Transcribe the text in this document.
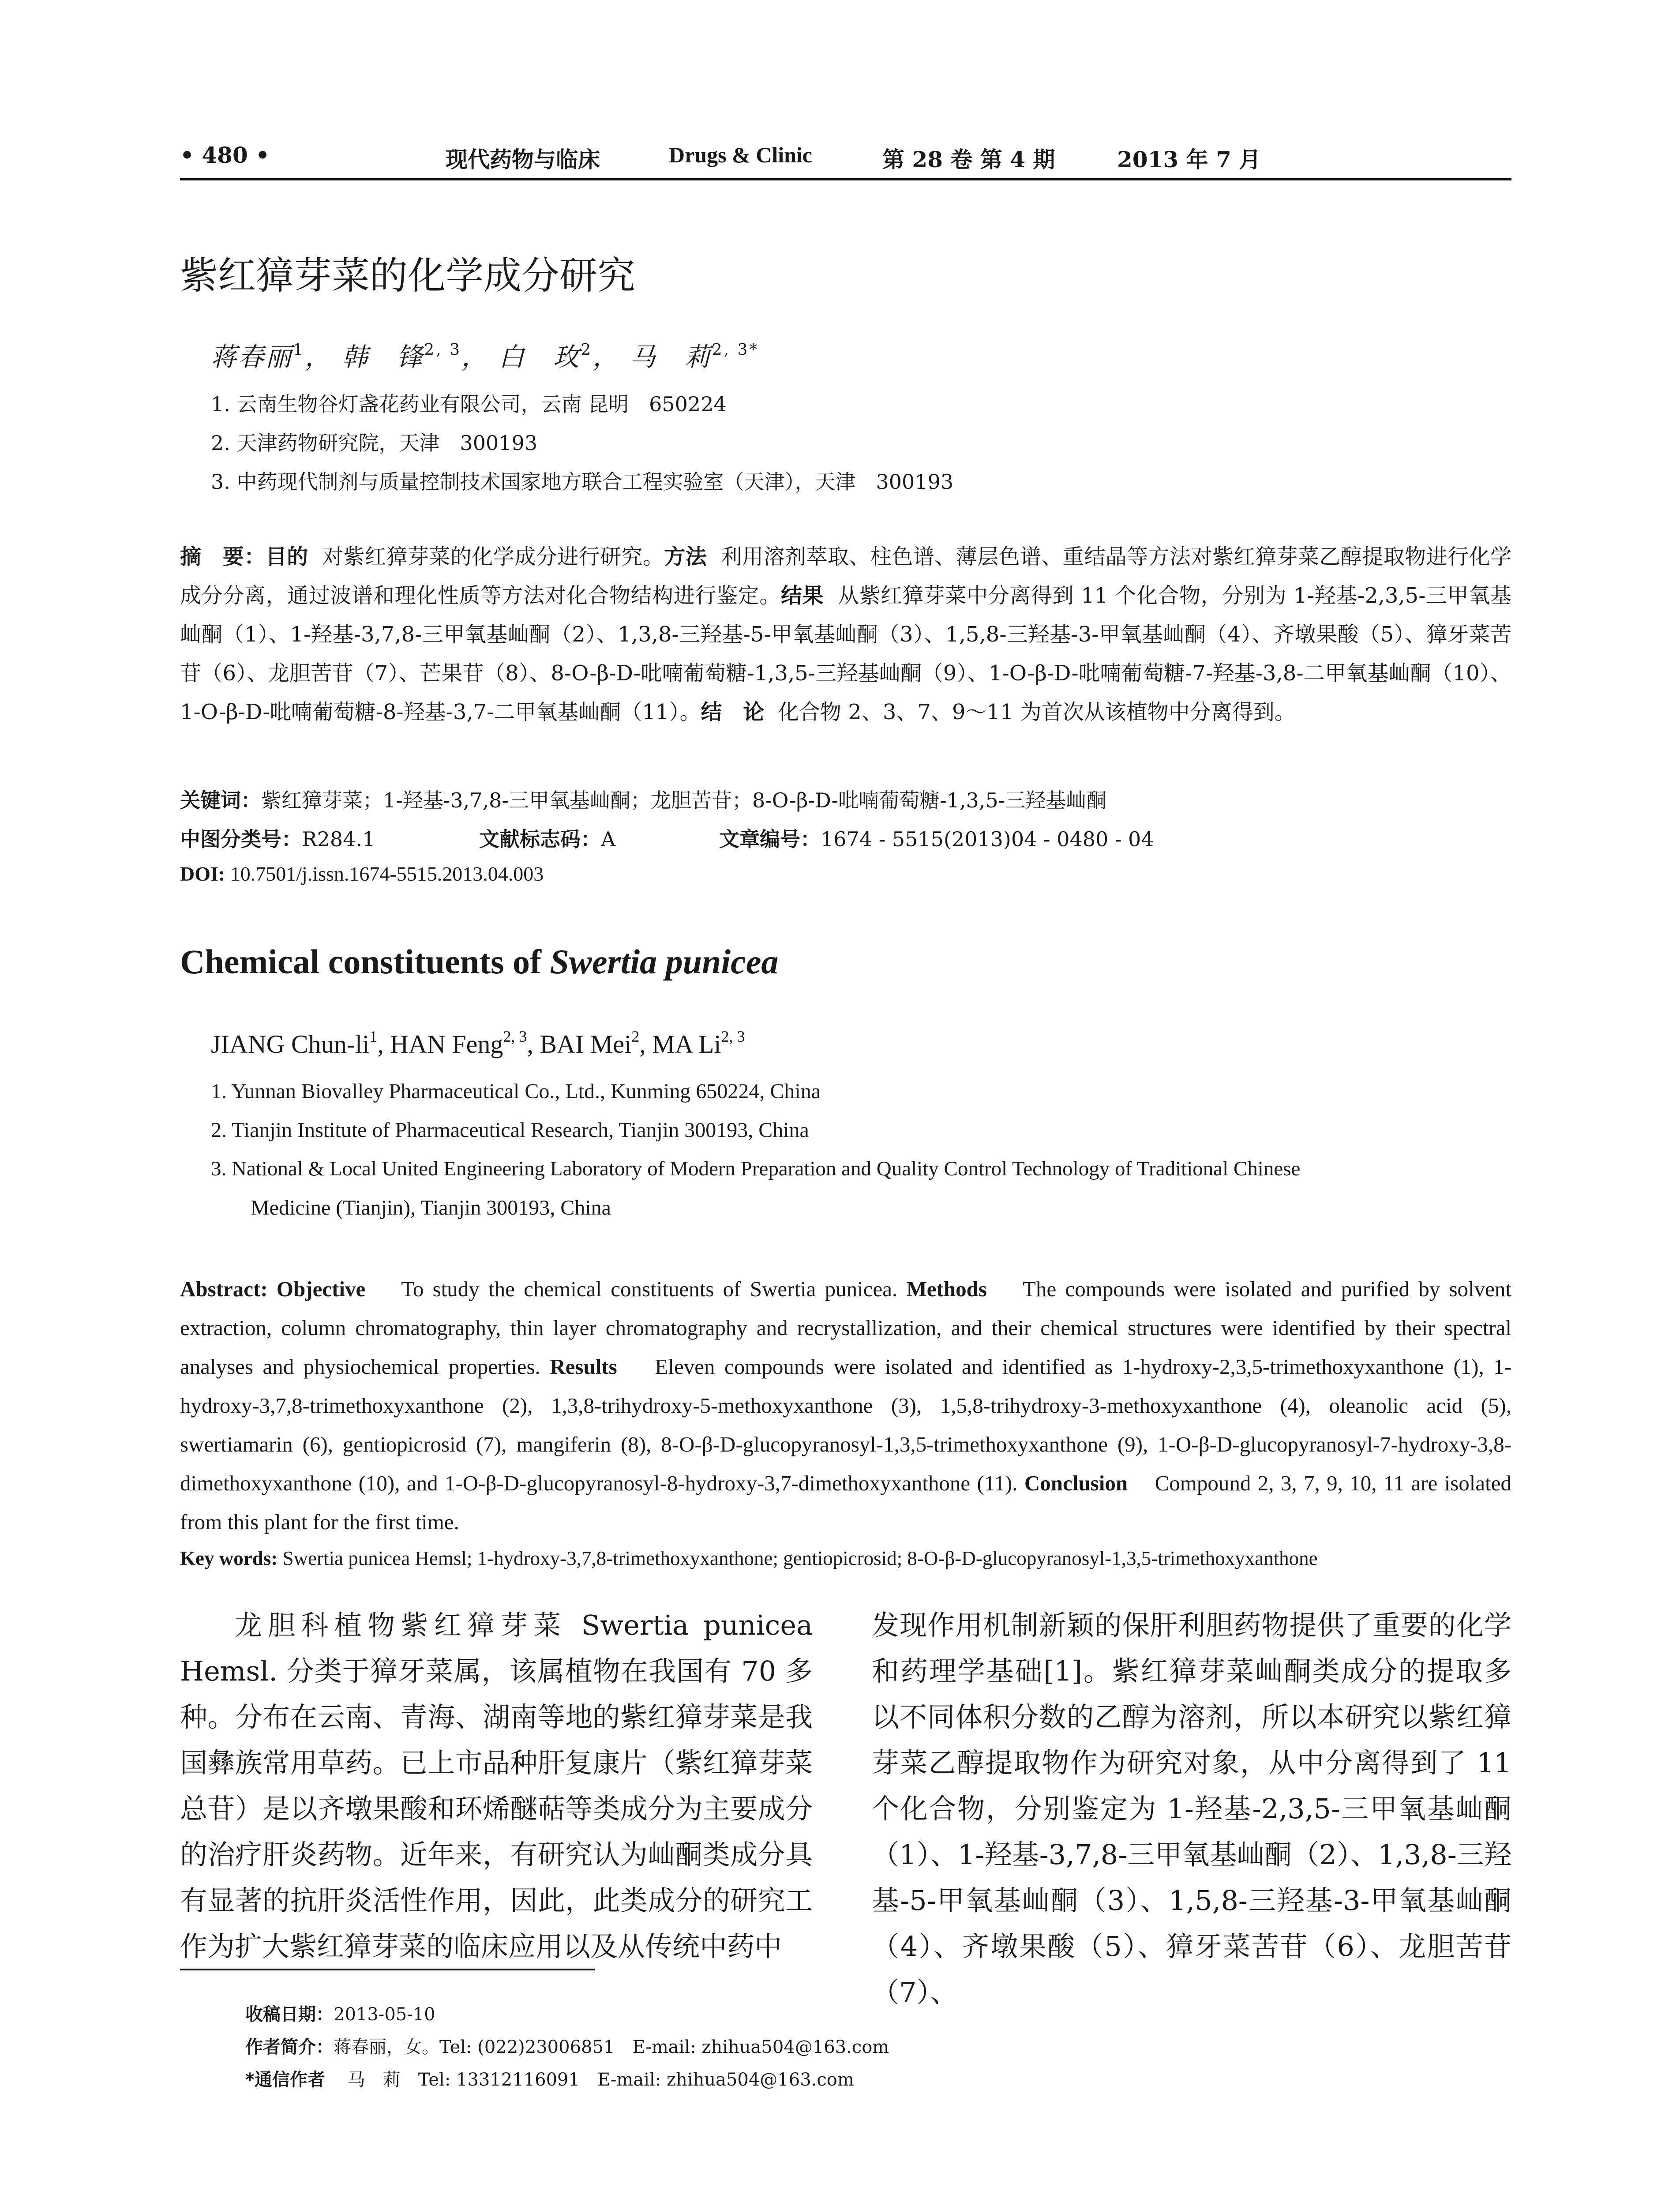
• 480 •	现代药物与临床	Drugs & Clinic	第 28 卷 第 4 期	2013 年 7 月
紫红獐芽菜的化学成分研究
蒋春丽$^1$， 韩　锋$^{2, 3}$， 白　玫$^2$， 马　莉$^{2, 3*}$
1. 云南生物谷灯盏花药业有限公司，云南 昆明　650224
2. 天津药物研究院，天津　300193
3. 中药现代制剂与质量控制技术国家地方联合工程实验室（天津），天津　300193
摘　要：目的 对紫红獐芽菜的化学成分进行研究。方法 利用溶剂萃取、柱色谱、薄层色谱、重结晶等方法对紫红獐芽菜乙醇提取物进行化学成分分离，通过波谱和理化性质等方法对化合物结构进行鉴定。结果 从紫红獐芽菜中分离得到 11 个化合物，分别为 1-羟基-2,3,5-三甲氧基屾酮（1）、1-羟基-3,7,8-三甲氧基屾酮（2）、1,3,8-三羟基-5-甲氧基屾酮（3）、1,5,8-三羟基-3-甲氧基屾酮（4）、齐墩果酸（5）、獐牙菜苦苷（6）、龙胆苦苷（7）、芒果苷（8）、8-O-β-D-吡喃葡萄糖-1,3,5-三羟基屾酮（9）、1-O-β-D-吡喃葡萄糖-7-羟基-3,8-二甲氧基屾酮（10）、1-O-β-D-吡喃葡萄糖-8-羟基-3,7-二甲氧基屾酮（11）。结　论 化合物 2、3、7、9～11 为首次从该植物中分离得到。
关键词：紫红獐芽菜；1-羟基-3,7,8-三甲氧基屾酮；龙胆苦苷；8-O-β-D-吡喃葡萄糖-1,3,5-三羟基屾酮
中图分类号：R284.1	文献标志码：A	文章编号：1674 - 5515(2013)04 - 0480 - 04
DOI: 10.7501/j.issn.1674-5515.2013.04.003
Chemical constituents of Swertia punicea
JIANG Chun-$li^1$, HAN Feng$^{2, 3}$, BAI Mei$^2$, MA Li$^{2, 3}$
1. Yunnan Biovalley Pharmaceutical Co., Ltd., Kunming 650224, China
2. Tianjin Institute of Pharmaceutical Research, Tianjin 300193, China
3. National & Local United Engineering Laboratory of Modern Preparation and Quality Control Technology of Traditional Chinese
Medicine (Tianjin), Tianjin 300193, China
Abstract: Objective To study the chemical constituents of Swertia punicea. Methods The compounds were isolated and purified by solvent extraction, column chromatography, thin layer chromatography and recrystallization, and their chemical structures were identified by their spectral analyses and physiochemical properties. Results Eleven compounds were isolated and identified as 1-hydroxy-2,3,5-trimethoxyxanthone (1), 1-hydroxy-3,7,8-trimethoxyxanthone (2), 1,3,8-trihydroxy-5-methoxyxanthone (3), 1,5,8-trihydroxy-3-methoxyxanthone (4), oleanolic acid (5), swertiamarin (6), gentiopicrosid (7), mangiferin (8), 8-O-β-D-glucopyranosyl-1,3,5-trimethoxyxanthone (9), 1-O-β-D-glucopyranosyl-7-hydroxy-3,8-dimethoxyxanthone (10), and 1-O-β-D-glucopyranosyl-8-hydroxy-3,7-dimethoxyxanthone (11). Conclusion Compound 2, 3, 7, 9, 10, 11 are isolated from this plant for the first time.
Key words: Swertia punicea Hemsl; 1-hydroxy-3,7,8-trimethoxyxanthone; gentiopicrosid; 8-O-β-D-glucopyranosyl-1,3,5-trimethoxyxanthone
龙胆科植物紫红獐芽菜 Swertia punicea Hemsl. 分类于獐牙菜属，该属植物在我国有 70 多种。分布在云南、青海、湖南等地的紫红獐芽菜是我国彝族常用草药。已上市品种肝复康片（紫红獐芽菜总苷）是以齐墩果酸和环烯醚萜等类成分为主要成分的治疗肝炎药物。近年来，有研究认为屾酮类成分具有显著的抗肝炎活性作用，因此，此类成分的研究工作为扩大紫红獐芽菜的临床应用以及从传统中药中
发现作用机制新颖的保肝利胆药物提供了重要的化学和药理学基础[1]。紫红獐芽菜屾酮类成分的提取多以不同体积分数的乙醇为溶剂，所以本研究以紫红獐芽菜乙醇提取物作为研究对象，从中分离得到了 11 个化合物，分别鉴定为 1-羟基-2,3,5-三甲氧基屾酮（1）、1-羟基-3,7,8-三甲氧基屾酮（2）、1,3,8-三羟基-5-甲氧基屾酮（3）、1,5,8-三羟基-3-甲氧基屾酮（4）、齐墩果酸（5）、獐牙菜苦苷（6）、龙胆苦苷（7）、
收稿日期：2013-05-10
作者简介：蒋春丽，女。Tel: (022)23006851　E-mail: zhihua504@163.com
*通信作者 马　莉　Tel: 13312116091　E-mail: zhihua504@163.com
